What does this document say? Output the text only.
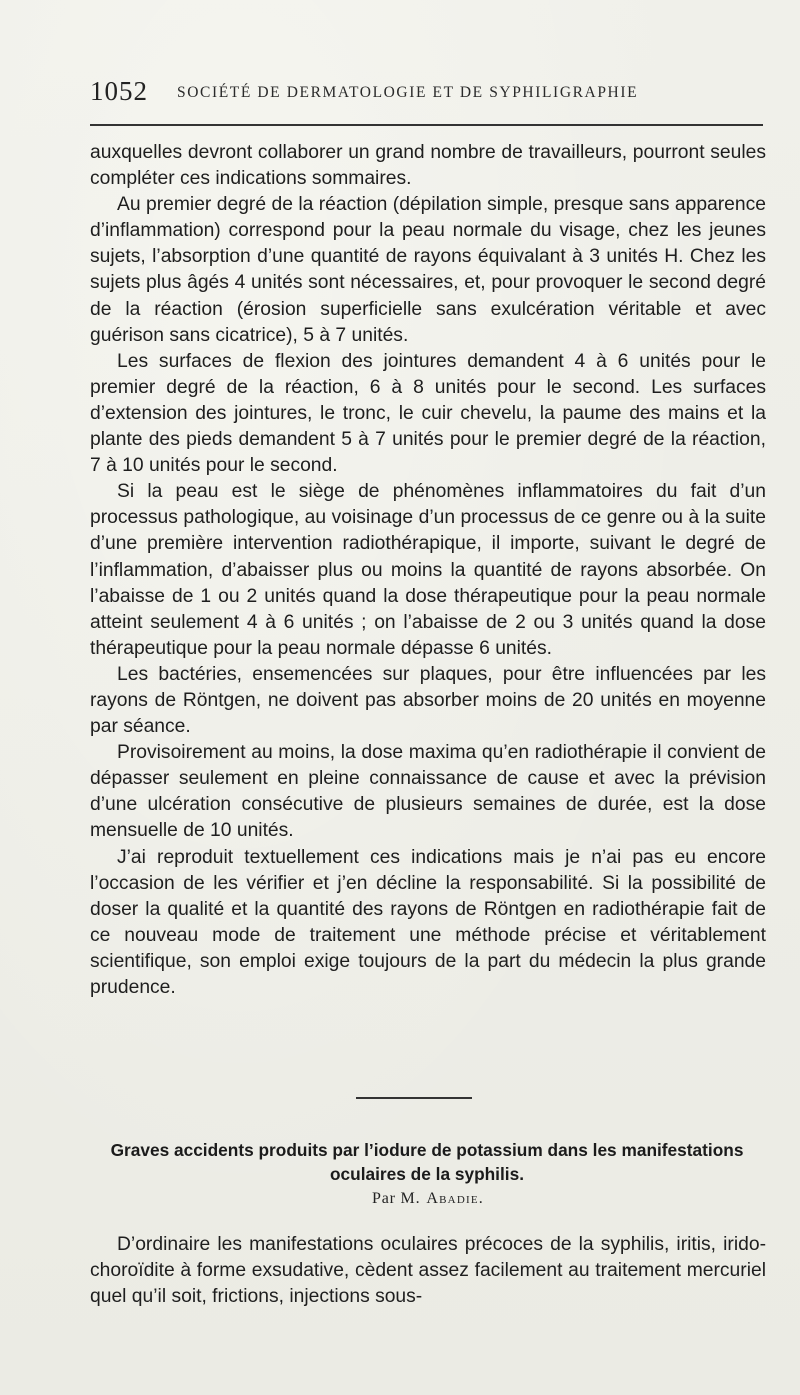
1052 SOCIÉTÉ DE DERMATOLOGIE ET DE SYPHILIGRAPHIE

auxquelles devront collaborer un grand nombre de travailleurs, pourront seules compléter ces indications sommaires.

Au premier degré de la réaction (dépilation simple, presque sans apparence d’inflammation) correspond pour la peau normale du visage, chez les jeunes sujets, l’absorption d’une quantité de rayons équivalant à 3 unités H. Chez les sujets plus âgés 4 unités sont nécessaires, et, pour provoquer le second degré de la réaction (érosion superficielle sans exulcération véritable et avec guérison sans cicatrice), 5 à 7 unités.

Les surfaces de flexion des jointures demandent 4 à 6 unités pour le premier degré de la réaction, 6 à 8 unités pour le second. Les surfaces d’extension des jointures, le tronc, le cuir chevelu, la paume des mains et la plante des pieds demandent 5 à 7 unités pour le premier degré de la réaction, 7 à 10 unités pour le second.

Si la peau est le siège de phénomènes inflammatoires du fait d’un processus pathologique, au voisinage d’un processus de ce genre ou à la suite d’une première intervention radiothérapique, il importe, suivant le degré de l’inflammation, d’abaisser plus ou moins la quantité de rayons absorbée. On l’abaisse de 1 ou 2 unités quand la dose thérapeutique pour la peau normale atteint seulement 4 à 6 unités ; on l’abaisse de 2 ou 3 unités quand la dose thérapeutique pour la peau normale dépasse 6 unités.

Les bactéries, ensemencées sur plaques, pour être influencées par les rayons de Röntgen, ne doivent pas absorber moins de 20 unités en moyenne par séance.

Provisoirement au moins, la dose maxima qu’en radiothérapie il convient de dépasser seulement en pleine connaissance de cause et avec la prévision d’une ulcération consécutive de plusieurs semaines de durée, est la dose mensuelle de 10 unités.

J’ai reproduit textuellement ces indications mais je n’ai pas eu encore l’occasion de les vérifier et j’en décline la responsabilité. Si la possibilité de doser la qualité et la quantité des rayons de Röntgen en radiothérapie fait de ce nouveau mode de traitement une méthode précise et véritablement scientifique, son emploi exige toujours de la part du médecin la plus grande prudence.

Graves accidents produits par l’iodure de potassium dans les manifestations oculaires de la syphilis.
Par M. Abadie.

D’ordinaire les manifestations oculaires précoces de la syphilis, iritis, irido-choroïdite à forme exsudative, cèdent assez facilement au traitement mercuriel quel qu’il soit, frictions, injections sous-
